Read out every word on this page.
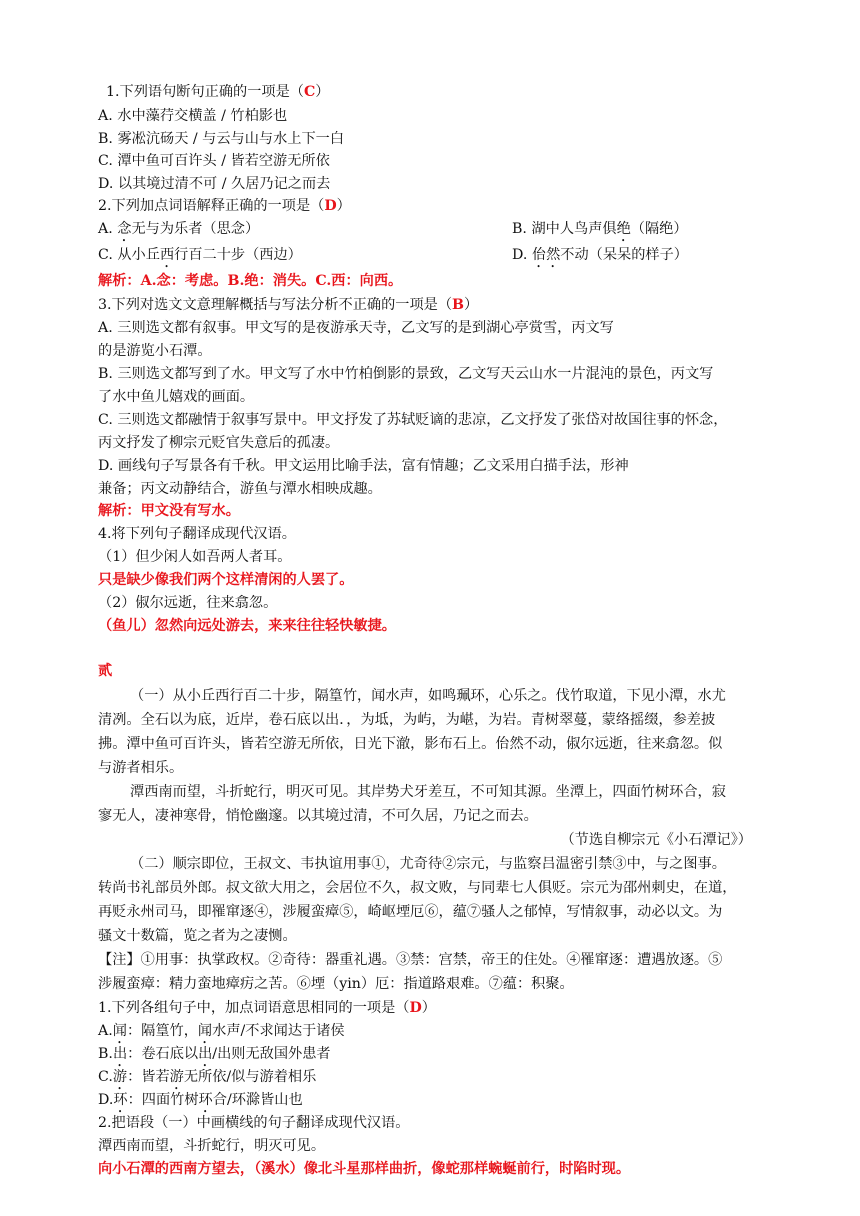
1.下列语句断句正确的一项是（C）
A. 水中藻荇交横盖 / 竹柏影也
B. 雾凇沆砀天 / 与云与山与水上下一白
C. 潭中鱼可百许头 / 皆若空游无所依
D. 以其境过清不可 / 久居乃记之而去
2.下列加点词语解释正确的一项是（D）
A. 念无与为乐者（思念）	B. 湖中人鸟声俱绝（隔绝）
C. 从小丘西行百二十步（西边）	D. 佁然不动（呆呆的样子）
解析：A.念：考虑。B.绝：消失。C.西：向西。
3.下列对选文文意理解概括与写法分析不正确的一项是（B）
A. 三则选文都有叙事。甲文写的是夜游承天寺，乙文写的是到湖心亭赏雪，丙文写
的是游览小石潭。
B. 三则选文都写到了水。甲文写了水中竹柏倒影的景致，乙文写天云山水一片混沌的景色，丙文写
了水中鱼儿嬉戏的画面。
C. 三则选文都融情于叙事写景中。甲文抒发了苏轼贬谪的悲凉，乙文抒发了张岱对故国往事的怀念，
丙文抒发了柳宗元贬官失意后的孤凄。
D. 画线句子写景各有千秋。甲文运用比喻手法，富有情趣；乙文采用白描手法，形神
兼备；丙文动静结合，游鱼与潭水相映成趣。
解析：甲文没有写水。
4.将下列句子翻译成现代汉语。
（1）但少闲人如吾两人者耳。
只是缺少像我们两个这样清闲的人罢了。
（2）俶尔远逝，往来翕忽。
（鱼儿）忽然向远处游去，来来往往轻快敏捷。
贰
（一）从小丘西行百二十步，隔篁竹，闻水声，如鸣珮环，心乐之。伐竹取道，下见小潭，水尤
清冽。全石以为底，近岸，卷石底以出．，为坻，为屿，为嵁，为岩。青树翠蔓，蒙络摇缀，参差披
拂。潭中鱼可百许头，皆若空游无所依，日光下澈，影布石上。佁然不动，俶尔远逝，往来翕忽。似
与游者相乐。
潭西南而望，斗折蛇行，明灭可见。其岸势犬牙差互，不可知其源。坐潭上，四面竹树环合，寂
寥无人，凄神寒骨，悄怆幽邃。以其境过清，不可久居，乃记之而去。
（节选自柳宗元《小石潭记》）
（二）顺宗即位，王叔文、韦执谊用事①，尤奇待②宗元，与监察吕温密引禁③中，与之图事。
转尚书礼部员外郎。叔文欲大用之，会居位不久，叔文败，与同辈七人俱贬。宗元为邵州刺史，在道，
再贬永州司马，即罹窜逐④，涉履蛮瘴⑤，崎岖堙厄⑥，蕴⑦骚人之郁悼，写情叙事，动必以文。为
骚文十数篇，览之者为之凄恻。
【注】①用事：执掌政权。②奇待：器重礼遇。③禁：宫禁，帝王的住处。④罹窜逐：遭遇放逐。⑤
涉履蛮瘴：精力蛮地瘴疠之苦。⑥堙（yin）厄：指道路艰难。⑦蕴：积聚。
1.下列各组句子中，加点词语意思相同的一项是（D）
A.闻：隔篁竹，闻水声/不求闻达于诸侯
B.出：卷石底以出/出则无敌国外患者
C.游：皆若游无所依/似与游着相乐
D.环：四面竹树环合/环滁皆山也
2.把语段（一）中画横线的句子翻译成现代汉语。
潭西南而望，斗折蛇行，明灭可见。
向小石潭的西南方望去，（溪水）像北斗星那样曲折，像蛇那样蜿蜒前行，时陷时现。
